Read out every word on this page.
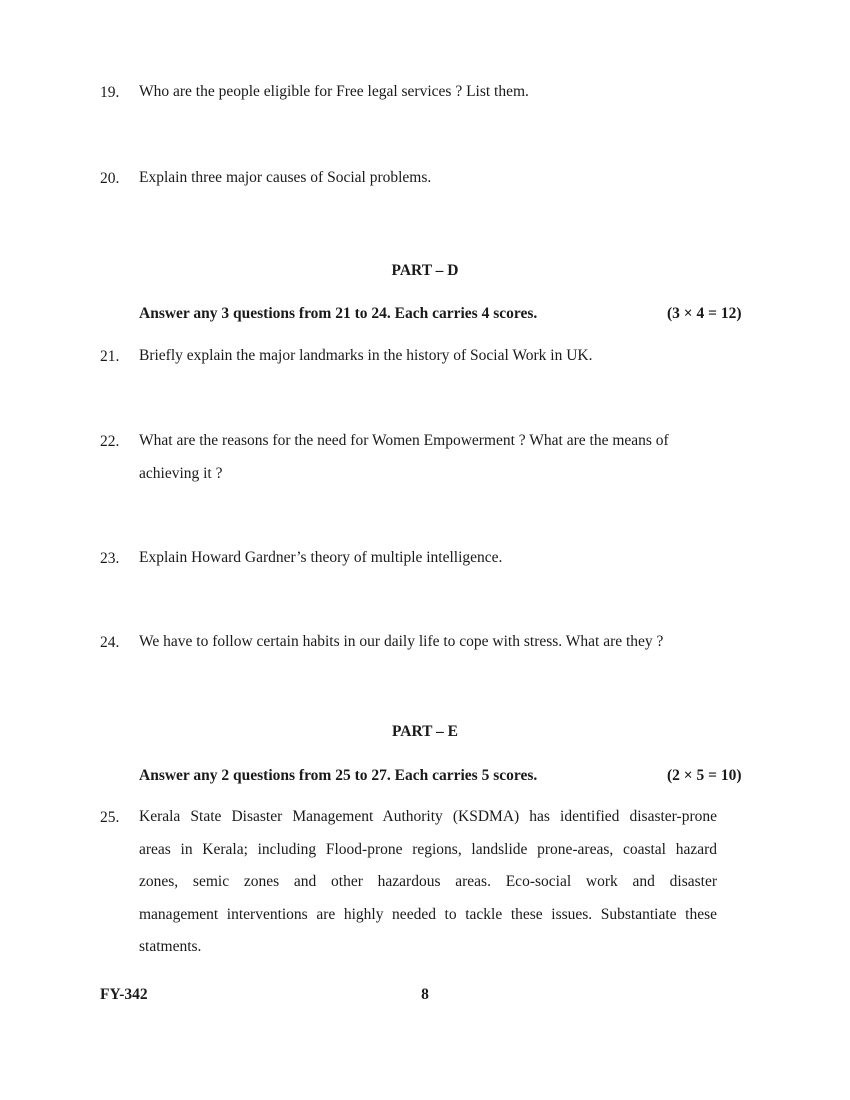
19. Who are the people eligible for Free legal services ? List them.
20. Explain three major causes of Social problems.
PART – D
Answer any 3 questions from 21 to 24. Each carries 4 scores.	(3 × 4 = 12)
21. Briefly explain the major landmarks in the history of Social Work in UK.
22. What are the reasons for the need for Women Empowerment ? What are the means of
achieving it ?
23. Explain Howard Gardner’s theory of multiple intelligence.
24. We have to follow certain habits in our daily life to cope with stress. What are they ?
PART – E
Answer any 2 questions from 25 to 27. Each carries 5 scores.	(2 × 5 = 10)
25. Kerala State Disaster Management Authority (KSDMA) has identified disaster-prone
areas in Kerala; including Flood-prone regions, landslide prone-areas, coastal hazard
zones, semic zones and other hazardous areas. Eco-social work and disaster
management interventions are highly needed to tackle these issues. Substantiate these
statments.
FY-342	8
